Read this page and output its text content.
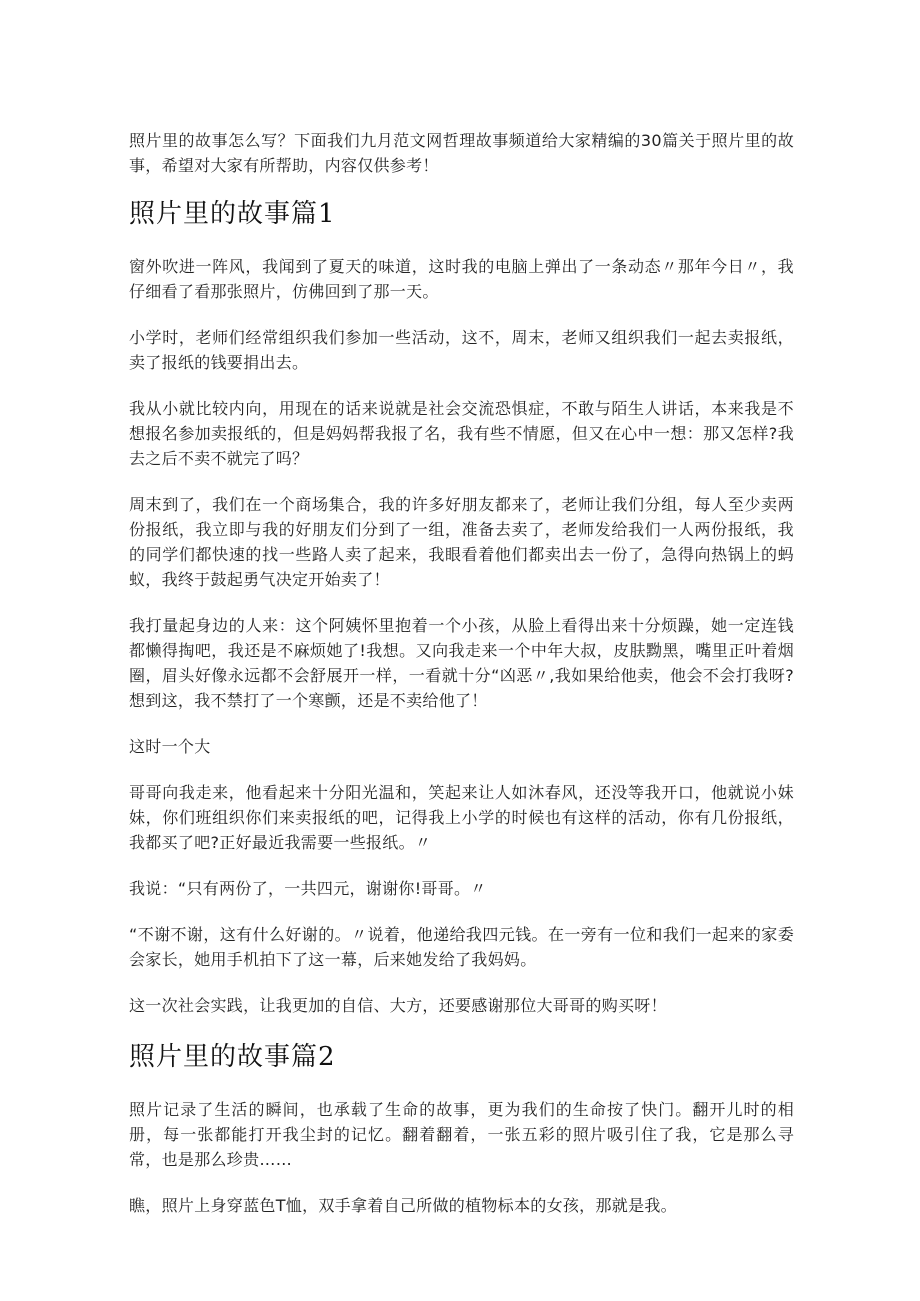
照片里的故事怎么写？下面我们九月范文网哲理故事频道给大家精编的30篇关于照片里的故事，希望对大家有所帮助，内容仅供参考！

照片里的故事篇1

窗外吹进一阵风，我闻到了夏天的味道，这时我的电脑上弹出了一条动态〃那年今日〃，我仔细看了看那张照片，仿佛回到了那一天。

小学时，老师们经常组织我们参加一些活动，这不，周末，老师又组织我们一起去卖报纸，卖了报纸的钱要捐出去。

我从小就比较内向，用现在的话来说就是社会交流恐惧症，不敢与陌生人讲话，本来我是不想报名参加卖报纸的，但是妈妈帮我报了名，我有些不情愿，但又在心中一想：那又怎样?我去之后不卖不就完了吗？

周末到了，我们在一个商场集合，我的许多好朋友都来了，老师让我们分组，每人至少卖两份报纸，我立即与我的好朋友们分到了一组，准备去卖了，老师发给我们一人两份报纸，我的同学们都快速的找一些路人卖了起来，我眼看着他们都卖出去一份了，急得向热锅上的蚂蚁，我终于鼓起勇气决定开始卖了！

我打量起身边的人来：这个阿姨怀里抱着一个小孩，从脸上看得出来十分烦躁，她一定连钱都懒得掏吧，我还是不麻烦她了!我想。又向我走来一个中年大叔，皮肤黝黑，嘴里正叶着烟圈，眉头好像永远都不会舒展开一样，一看就十分“凶恶〃,我如果给他卖，他会不会打我呀?想到这，我不禁打了一个寒颤，还是不卖给他了！

这时一个大

哥哥向我走来，他看起来十分阳光温和，笑起来让人如沐春风，还没等我开口，他就说小妹妹，你们班组织你们来卖报纸的吧，记得我上小学的时候也有这样的活动，你有几份报纸，我都买了吧?正好最近我需要一些报纸。〃

我说：“只有两份了，一共四元，谢谢你!哥哥。〃

“不谢不谢，这有什么好谢的。〃说着，他递给我四元钱。在一旁有一位和我们一起来的家委会家长，她用手机拍下了这一幕，后来她发给了我妈妈。

这一次社会实践，让我更加的自信、大方，还要感谢那位大哥哥的购买呀！

照片里的故事篇2

照片记录了生活的瞬间，也承载了生命的故事，更为我们的生命按了快门。翻开儿时的相册，每一张都能打开我尘封的记忆。翻着翻着，一张五彩的照片吸引住了我，它是那么寻常，也是那么珍贵……

瞧，照片上身穿蓝色T恤，双手拿着自己所做的植物标本的女孩，那就是我。
